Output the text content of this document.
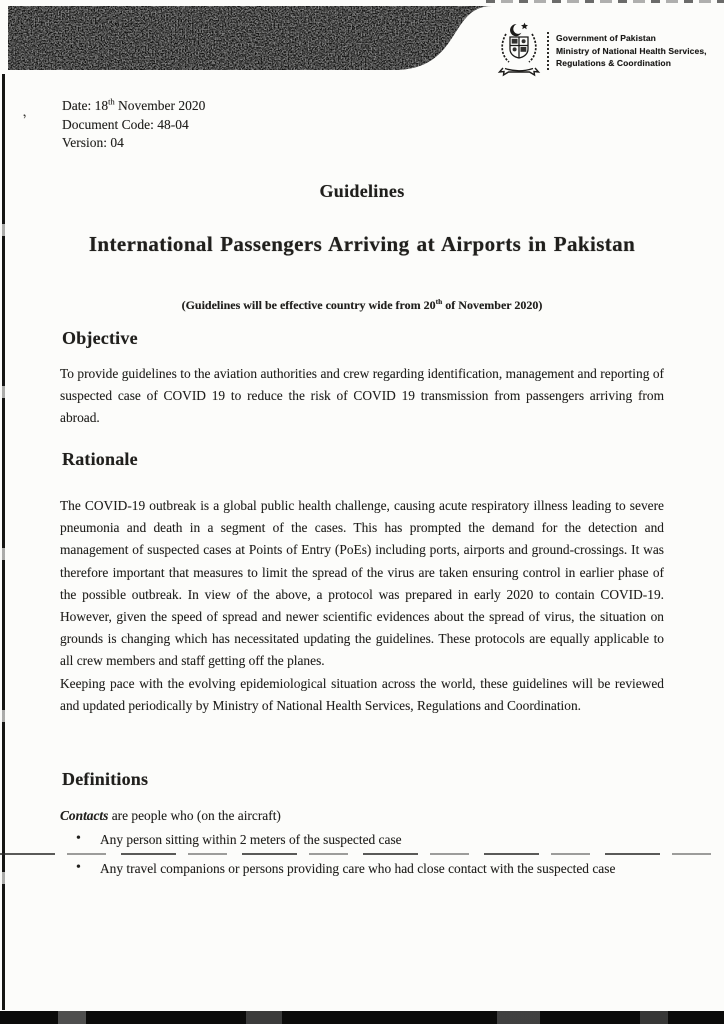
Government of Pakistan
Ministry of National Health Services,
Regulations & Coordination
,	Date: 18th November 2020
Document Code: 48-04
Version: 04
Guidelines
International Passengers Arriving at Airports in Pakistan
(Guidelines will be effective country wide from 20th of November 2020)
Objective

To provide guidelines to the aviation authorities and crew regarding identification, management and reporting of suspected case of COVID 19 to reduce the risk of COVID 19 transmission from passengers arriving from abroad.

Rationale

The COVID-19 outbreak is a global public health challenge, causing acute respiratory illness leading to severe pneumonia and death in a segment of the cases. This has prompted the demand for the detection and management of suspected cases at Points of Entry (PoEs) including ports, airports and ground-crossings. It was therefore important that measures to limit the spread of the virus are taken ensuring control in earlier phase of the possible outbreak. In view of the above, a protocol was prepared in early 2020 to contain COVID-19. However, given the speed of spread and newer scientific evidences about the spread of virus, the situation on grounds is changing which has necessitated updating the guidelines. These protocols are equally applicable to all crew members and staff getting off the planes.

Keeping pace with the evolving epidemiological situation across the world, these guidelines will be reviewed and updated periodically by Ministry of National Health Services, Regulations and Coordination.

Definitions
Contacts are people who (on the aircraft)
• Any person sitting within 2 meters of the suspected case
• Any travel companions or persons providing care who had close contact with the suspected case
